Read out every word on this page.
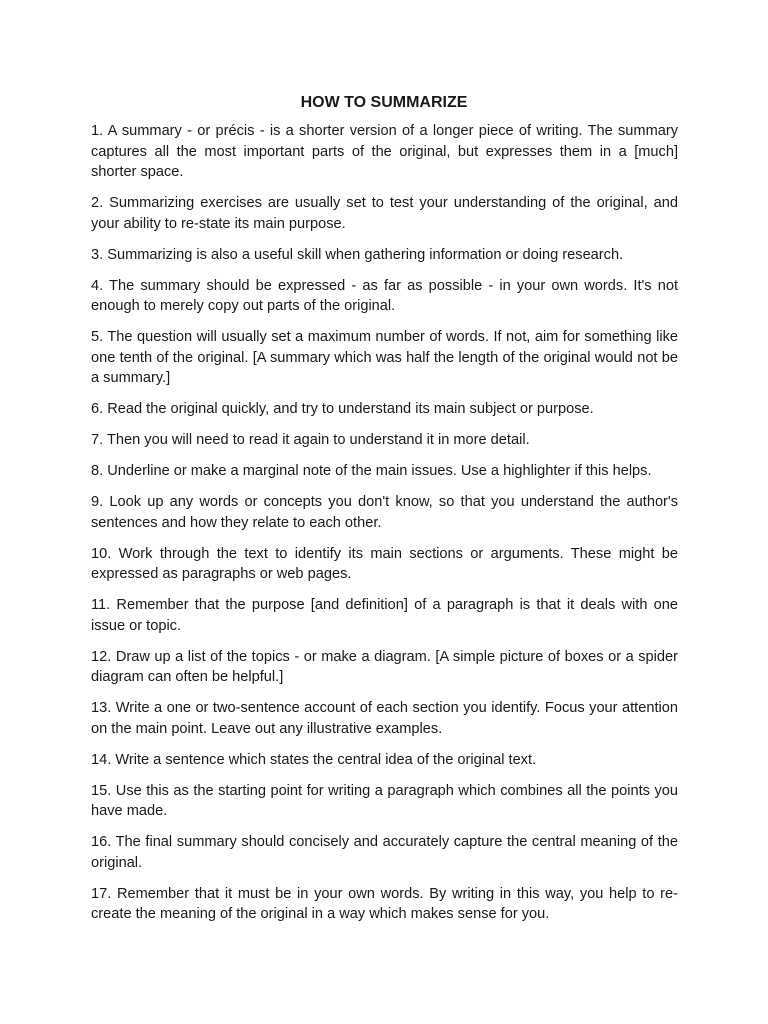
HOW TO SUMMARIZE
1. A summary - or précis - is a shorter version of a longer piece of writing. The summary captures all the most important parts of the original, but expresses them in a [much] shorter space.
2. Summarizing exercises are usually set to test your understanding of the original, and your ability to re-state its main purpose.
3. Summarizing is also a useful skill when gathering information or doing research.
4. The summary should be expressed - as far as possible - in your own words. It's not enough to merely copy out parts of the original.
5. The question will usually set a maximum number of words. If not, aim for something like one tenth of the original. [A summary which was half the length of the original would not be a summary.]
6. Read the original quickly, and try to understand its main subject or purpose.
7. Then you will need to read it again to understand it in more detail.
8. Underline or make a marginal note of the main issues. Use a highlighter if this helps.
9. Look up any words or concepts you don't know, so that you understand the author's sentences and how they relate to each other.
10. Work through the text to identify its main sections or arguments. These might be expressed as paragraphs or web pages.
11. Remember that the purpose [and definition] of a paragraph is that it deals with one issue or topic.
12. Draw up a list of the topics - or make a diagram. [A simple picture of boxes or a spider diagram can often be helpful.]
13. Write a one or two-sentence account of each section you identify. Focus your attention on the main point. Leave out any illustrative examples.
14. Write a sentence which states the central idea of the original text.
15. Use this as the starting point for writing a paragraph which combines all the points you have made.
16. The final summary should concisely and accurately capture the central meaning of the original.
17. Remember that it must be in your own words. By writing in this way, you help to re-create the meaning of the original in a way which makes sense for you.
